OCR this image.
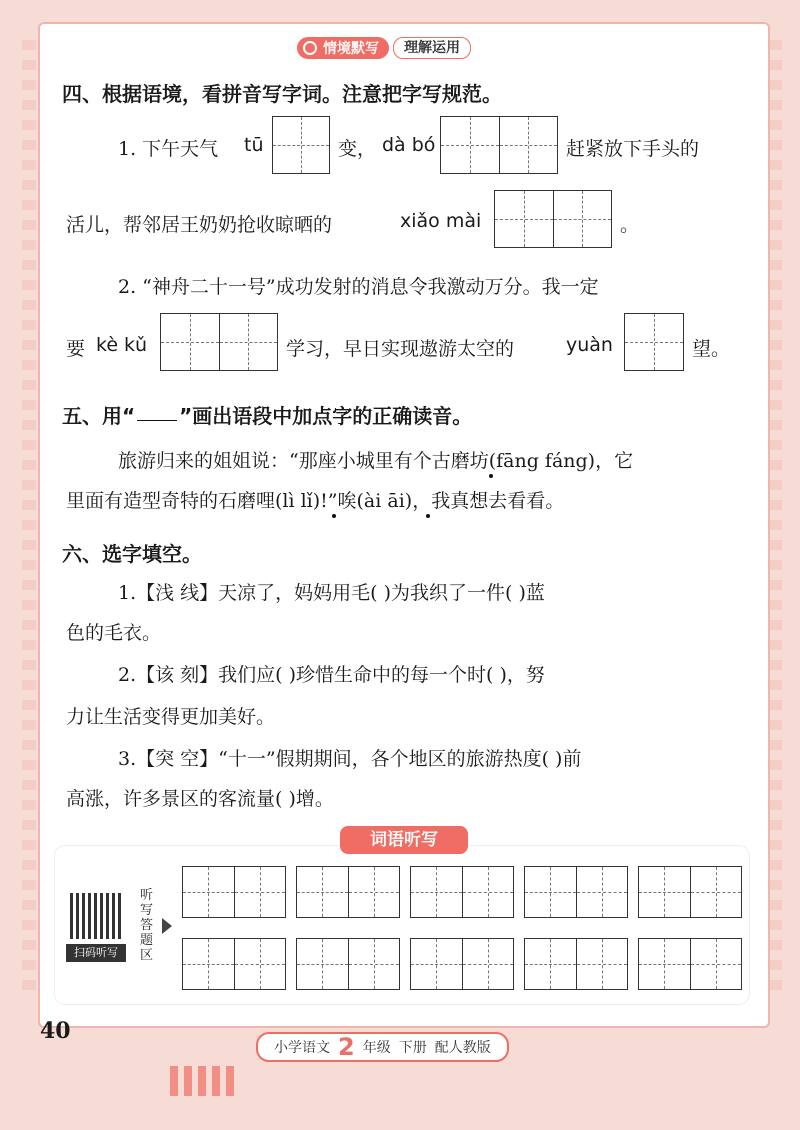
情境默写	理解运用
四、根据语境，看拼音写字词。注意把字写规范。
1. 下午天气 tū	变， dà bó	赶紧放下手头的
活儿，帮邻居王奶奶抢收晾晒的	xiǎo mài	。
2. “神舟二十一号”成功发射的消息令我激动万分。我一定
要 kè kǔ	学习，早日实现遨游太空的	yuàn	望。
五、用“ ”画出语段中加点字的正确读音。
旅游归来的姐姐说：“那座小城里有个古磨坊(fāng fáng)，它
里面有造型奇特的石磨哩(lì lǐ)!”唉(ài āi)，我真想去看看。
六、选字填空。
1.【浅 线】天凉了，妈妈用毛( )为我织了一件( )蓝
色的毛衣。
2.【该 刻】我们应( )珍惜生命中的每一个时( )，努
力让生活变得更加美好。
3.【突 空】“十一”假期期间，各个地区的旅游热度( )前
高涨，许多景区的客流量( )增。
词语听写
扫码听写
听写答题区
40
小学语文 2 年级 下册 配人教版
